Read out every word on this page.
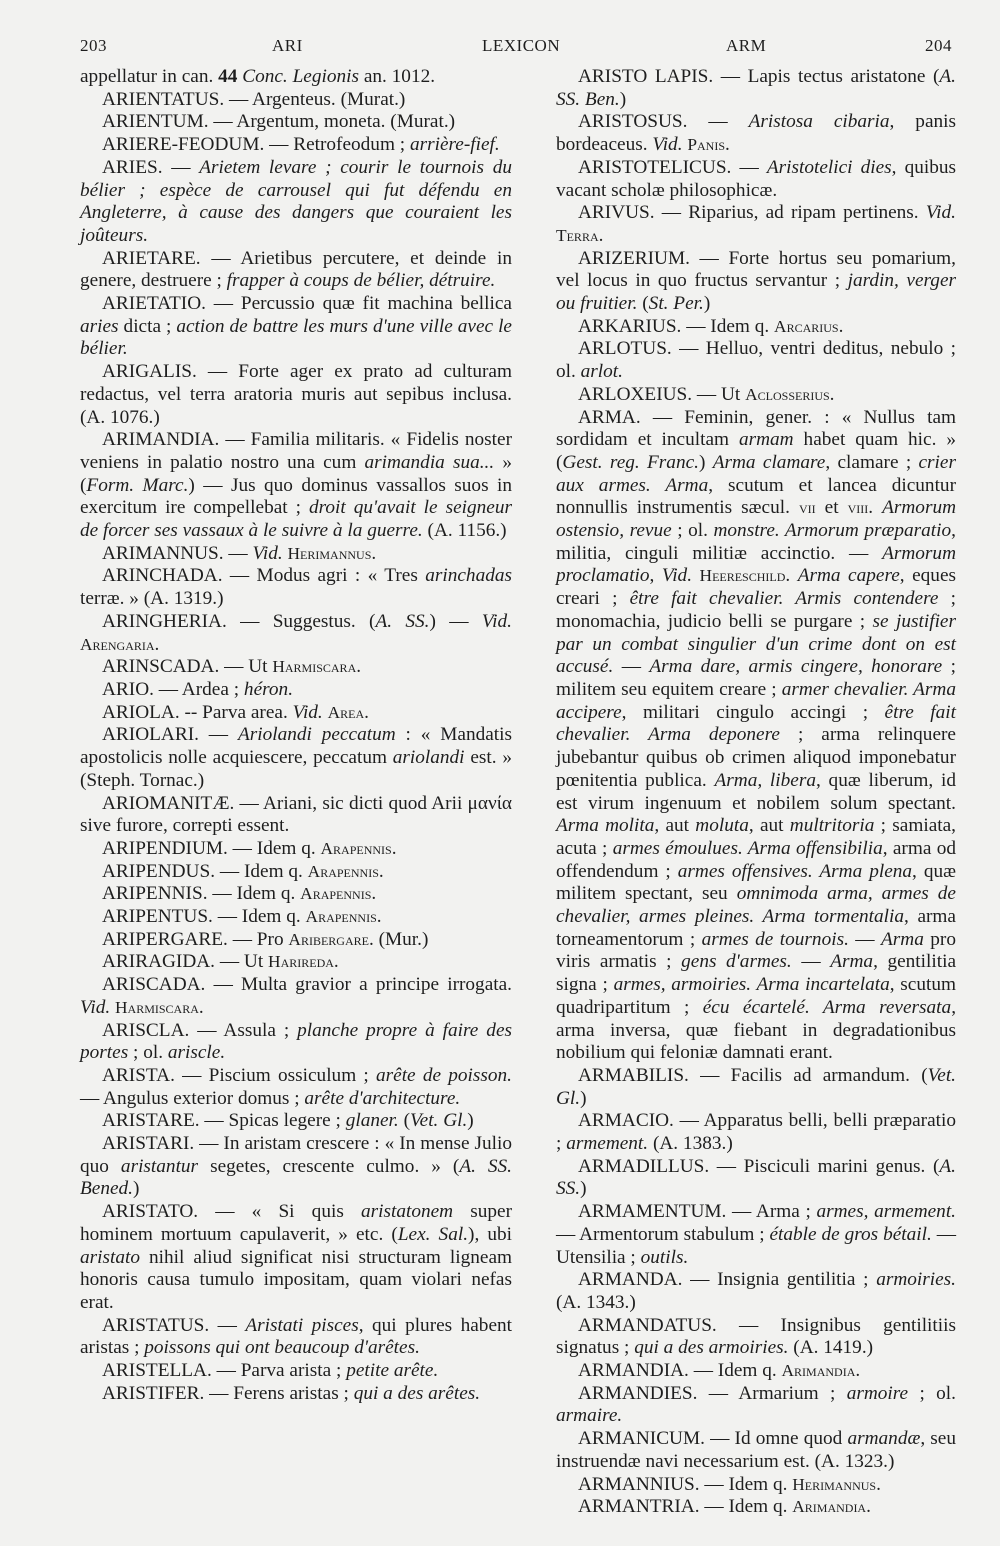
203	ARI	LEXICON	ARM	204

appellatur in can. 44 Conc. Legionis an. 1012.

ARIENTATUS. — Argenteus. (Murat.)

ARIENTUM. — Argentum, moneta. (Murat.)

ARIERE-FEODUM. — Retrofeodum ; arrière-fief.

ARIES. — Arietem levare ; courir le tournois du bélier ; espèce de carrousel qui fut défendu en Angleterre, à cause des dangers que couraient les joûteurs.

ARIETARE. — Arietibus percutere, et deinde in genere, destruere ; frapper à coups de bélier, détruire.

ARIETATIO. — Percussio quæ fit machina bellica aries dicta ; action de battre les murs d'une ville avec le bélier.

ARIGALIS. — Forte ager ex prato ad culturam redactus, vel terra aratoria muris aut sepibus inclusa. (A. 1076.)

ARIMANDIA. — Familia militaris. « Fidelis noster veniens in palatio nostro una cum arimandia sua... » (Form. Marc.) — Jus quo dominus vassallos suos in exercitum ire compellebat ; droit qu'avait le seigneur de forcer ses vassaux à le suivre à la guerre. (A. 1156.)

ARIMANNUS. — Vid. Herimannus.

ARINCHADA. — Modus agri : « Tres arinchadas terræ. » (A. 1319.)

ARINGHERIA. — Suggestus. (A. SS.) — Vid. Arengaria.

ARINSCADA. — Ut Harmiscara.

ARIO. — Ardea ; héron.

ARIOLA. -- Parva area. Vid. Area.

ARIOLARI. — Ariolandi peccatum : « Mandatis apostolicis nolle acquiescere, peccatum ariolandi est. » (Steph. Tornac.)

ARIOMANITÆ. — Ariani, sic dicti quod Arii μανία sive furore, correpti essent.

ARIPENDIUM. — Idem q. Arapennis.

ARIPENDUS. — Idem q. Arapennis.

ARIPENNIS. — Idem q. Arapennis.

ARIPENTUS. — Idem q. Arapennis.

ARIPERGARE. — Pro Aribergare. (Mur.)

ARIRAGIDA. — Ut Harireda.

ARISCADA. — Multa gravior a principe irrogata. Vid. Harmiscara.

ARISCLA. — Assula ; planche propre à faire des portes ; ol. ariscle.

ARISTA. — Piscium ossiculum ; arête de poisson. — Angulus exterior domus ; arête d'architecture.

ARISTARE. — Spicas legere ; glaner. (Vet. Gl.)

ARISTARI. — In aristam crescere : « In mense Julio quo aristantur segetes, crescente culmo. » (A. SS. Bened.)

ARISTATO. — « Si quis aristatonem super hominem mortuum capulaverit, » etc. (Lex. Sal.), ubi aristato nihil aliud significat nisi structuram ligneam honoris causa tumulo impositam, quam violari nefas erat.

ARISTATUS. — Aristati pisces, qui plures habent aristas ; poissons qui ont beaucoup d'arêtes.

ARISTELLA. — Parva arista ; petite arête.

ARISTIFER. — Ferens aristas ; qui a des arêtes.

ARISTO LAPIS. — Lapis tectus aristatone (A. SS. Ben.)

ARISTOSUS. — Aristosa cibaria, panis bordeaceus. Vid. Panis.

ARISTOTELICUS. — Aristotelici dies, quibus vacant scholæ philosophicæ.

ARIVUS. — Riparius, ad ripam pertinens. Vid. Terra.

ARIZERIUM. — Forte hortus seu pomarium, vel locus in quo fructus servantur ; jardin, verger ou fruitier. (St. Per.)

ARKARIUS. — Idem q. Arcarius.

ARLOTUS. — Helluo, ventri deditus, nebulo ; ol. arlot.

ARLOXEIUS. — Ut Aclosserius.

ARMA. — Feminin, gener. : « Nullus tam sordidam et incultam armam habet quam hic. » (Gest. reg. Franc.) Arma clamare, clamare ; crier aux armes. Arma, scutum et lancea dicuntur nonnullis instrumentis sæcul. vii et viii. Armorum ostensio, revue ; ol. monstre. Armorum præparatio, militia, cinguli militiæ accinctio. — Armorum proclamatio, Vid. Heereschild. Arma capere, eques creari ; être fait chevalier. Armis contendere ; monomachia, judicio belli se purgare ; se justifier par un combat singulier d'un crime dont on est accusé. — Arma dare, armis cingere, honorare ; militem seu equitem creare ; armer chevalier. Arma accipere, militari cingulo accingi ; être fait chevalier. Arma deponere ; arma relinquere jubebantur quibus ob crimen aliquod imponebatur pœnitentia publica. Arma, libera, quæ liberum, id est virum ingenuum et nobilem solum spectant. Arma molita, aut moluta, aut multritoria ; samiata, acuta ; armes émoulues. Arma offensibilia, arma od offendendum ; armes offensives. Arma plena, quæ militem spectant, seu omnimoda arma, armes de chevalier, armes pleines. Arma tormentalia, arma torneamentorum ; armes de tournois. — Arma pro viris armatis ; gens d'armes. — Arma, gentilitia signa ; armes, armoiries. Arma incartelata, scutum quadripartitum ; écu écartelé. Arma reversata, arma inversa, quæ fiebant in degradationibus nobilium qui feloniæ damnati erant.

ARMABILIS. — Facilis ad armandum. (Vet. Gl.)

ARMACIO. — Apparatus belli, belli præparatio ; armement. (A. 1383.)

ARMADILLUS. — Pisciculi marini genus. (A. SS.)

ARMAMENTUM. — Arma ; armes, armement. — Armentorum stabulum ; étable de gros bétail. — Utensilia ; outils.

ARMANDA. — Insignia gentilitia ; armoiries. (A. 1343.)

ARMANDATUS. — Insignibus gentilitiis signatus ; qui a des armoiries. (A. 1419.)

ARMANDIA. — Idem q. Arimandia.

ARMANDIES. — Armarium ; armoire ; ol. armaire.

ARMANICUM. — Id omne quod armandæ, seu instruendæ navi necessarium est. (A. 1323.)

ARMANNIUS. — Idem q. Herimannus.

ARMANTRIA. — Idem q. Arimandia.
